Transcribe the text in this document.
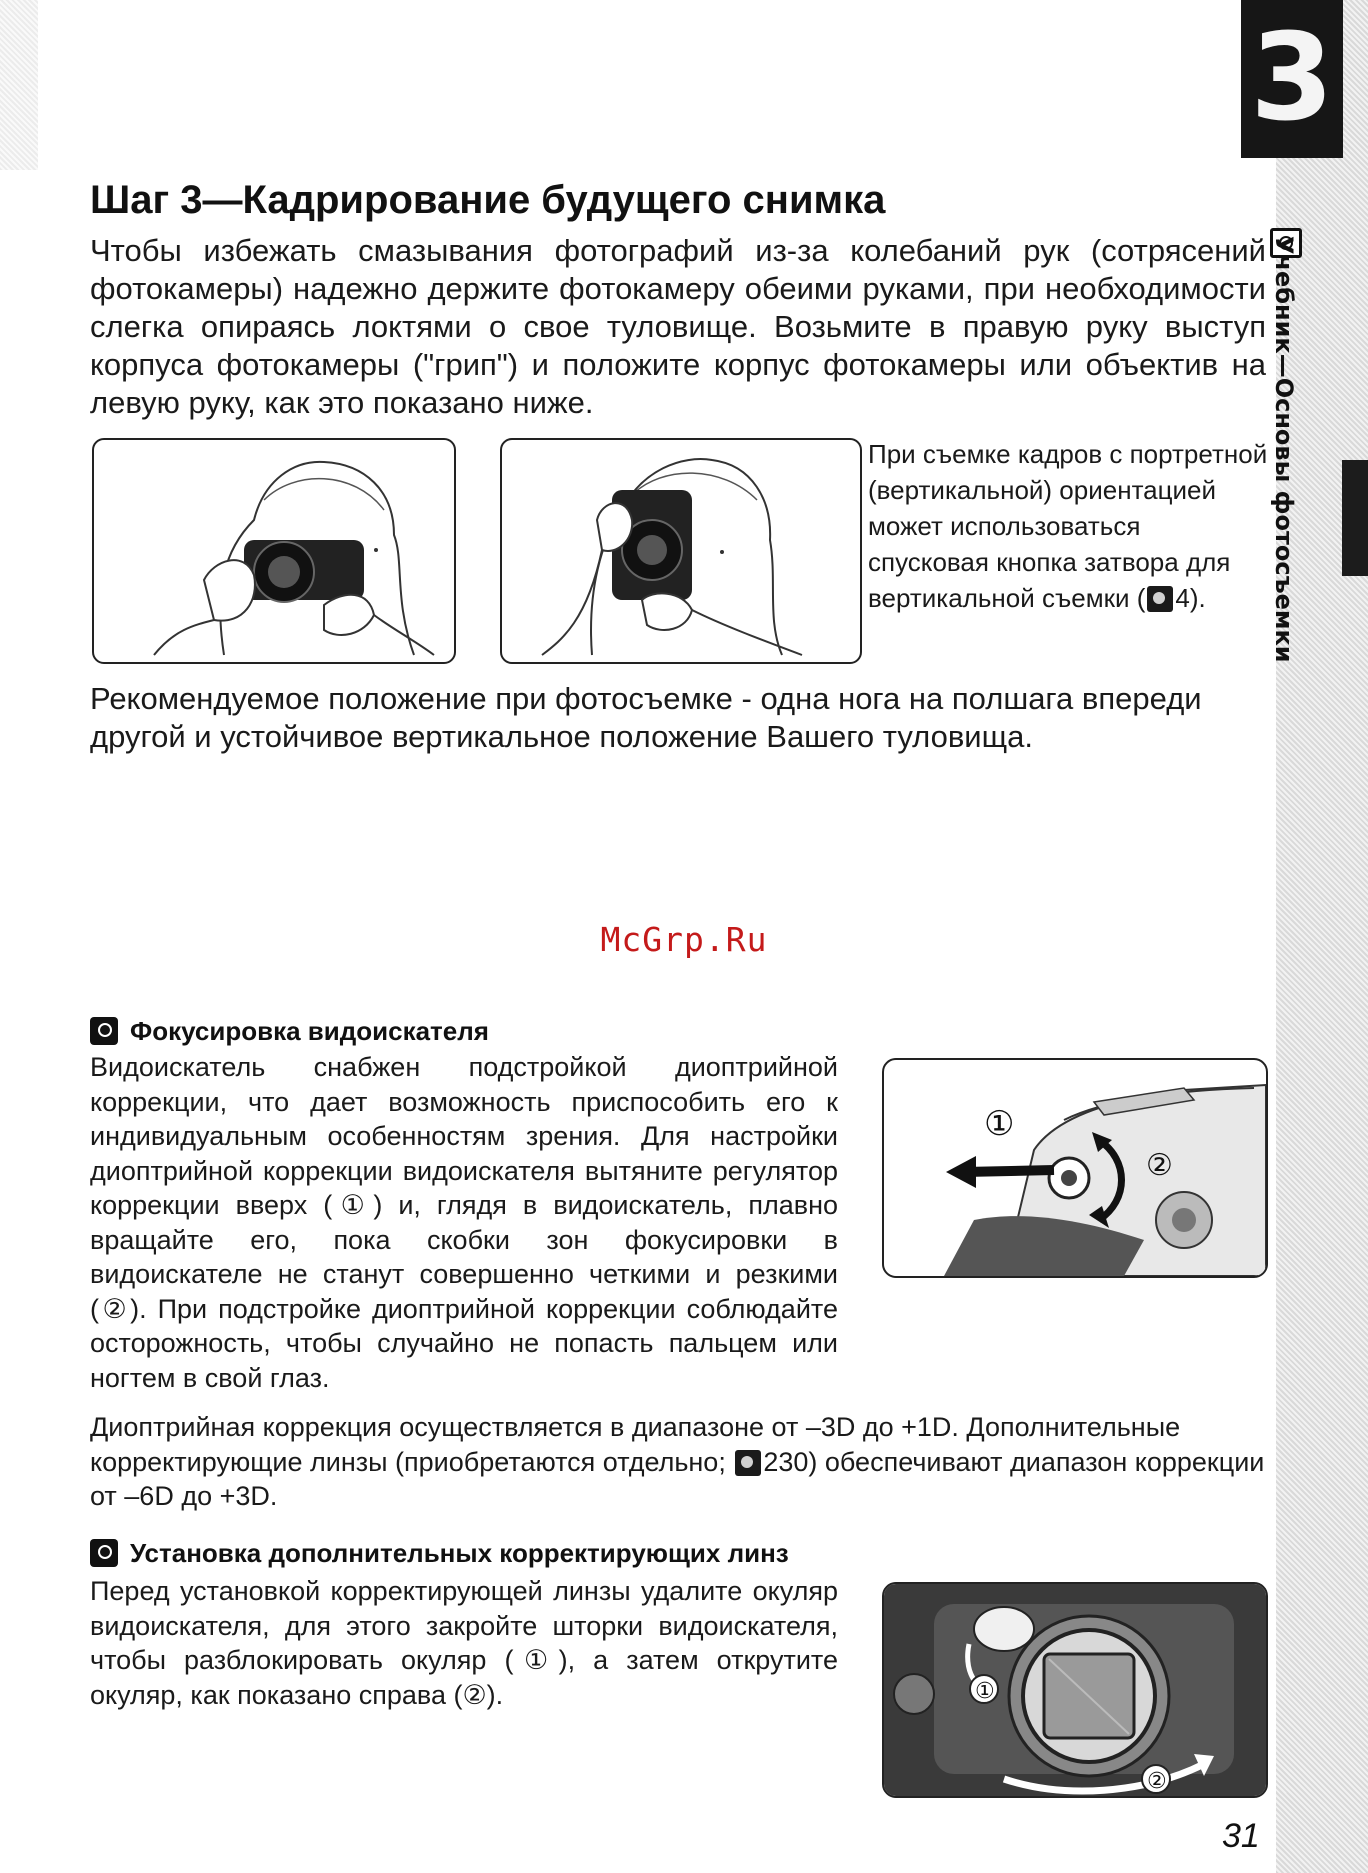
3
Учебник—Основы фотосъемки
Шаг 3—Кадрирование будущего снимка

Чтобы избежать смазывания фотографий из-за колебаний рук (сотрясений фотокамеры) надежно держите фотокамеру обеими руками, при необходимости слегка опираясь локтями о свое туловище. Возьмите в правую руку выступ корпуса фотокамеры ("грип") и положите корпус фотокамеры или объектив на левую руку, как это показано ниже.

При съемке кадров с портретной (вертикальной) ориентацией может использоваться спусковая кнопка затвора для вертикальной съемки ( 4).

Рекомендуемое положение при фотосъемке - одна нога на полшага впереди другой и устойчивое вертикальное положение Вашего туловища.

McGrp.Ru
Фокусировка видоискателя

Видоискатель снабжен подстройкой диоптрийной коррекции, что дает возможность приспособить его к индивидуальным особенностям зрения. Для настройки диоптрийной коррекции видоискателя вытяните регулятор коррекции вверх (①) и, глядя в видоискатель, плавно вращайте его, пока скобки зон фокусировки в видоискателе не станут совершенно четкими и резкими (②). При подстройке диоптрийной коррекции соблюдайте осторожность, чтобы случайно не попасть пальцем или ногтем в свой глаз.

①
②

Диоптрийная коррекция осуществляется в диапазоне от –3D до +1D. Дополнительные корректирующие линзы (приобретаются отдельно; 230) обеспечивают диапазон коррекции от –6D до +3D.

Установка дополнительных корректирующих линз

Перед установкой корректирующей линзы удалите окуляр видоискателя, для этого закройте шторки видоискателя, чтобы разблокировать окуляр (①), а затем открутите окуляр, как показано справа (②).	①
②
31
